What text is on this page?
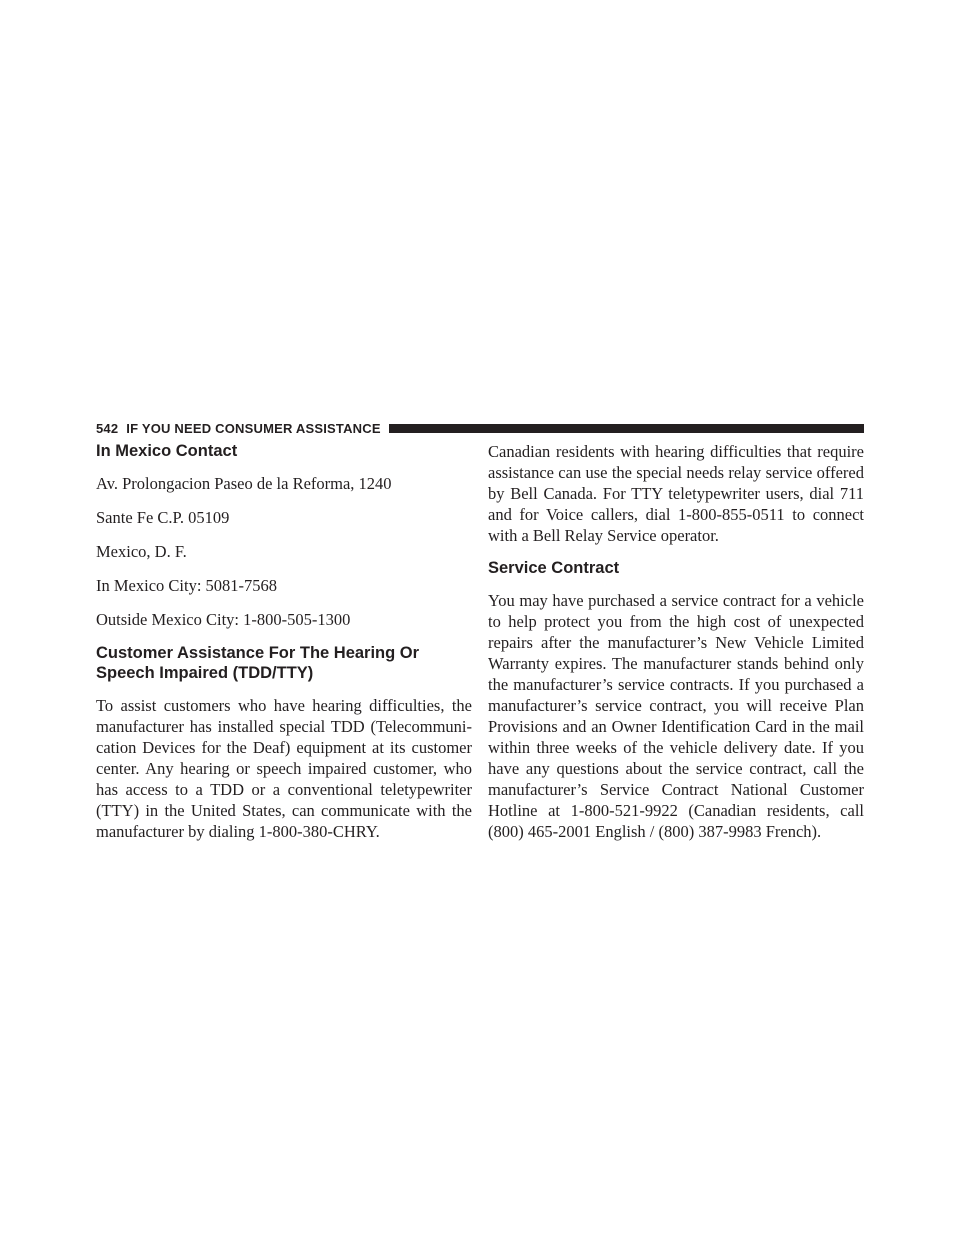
542 IF YOU NEED CONSUMER ASSISTANCE
In Mexico Contact

Av. Prolongacion Paseo de la Reforma, 1240

Sante Fe C.P. 05109

Mexico, D. F.

In Mexico City: 5081-7568

Outside Mexico City: 1-800-505-1300

Customer Assistance For The Hearing Or Speech Impaired (TDD/TTY)

To assist customers who have hearing difficulties, the manufacturer has installed special TDD (Telecommuni-cation Devices for the Deaf) equipment at its customer center. Any hearing or speech impaired customer, who has access to a TDD or a conventional teletypewriter (TTY) in the United States, can communicate with the manufacturer by dialing 1-800-380-CHRY.

Canadian residents with hearing difficulties that require assistance can use the special needs relay service offered by Bell Canada. For TTY teletypewriter users, dial 711 and for Voice callers, dial 1-800-855-0511 to connect with a Bell Relay Service operator.

Service Contract

You may have purchased a service contract for a vehicle to help protect you from the high cost of unexpected repairs after the manufacturer’s New Vehicle Limited Warranty expires. The manufacturer stands behind only the manufacturer’s service contracts. If you purchased a manufacturer’s service contract, you will receive Plan Provisions and an Owner Identification Card in the mail within three weeks of the vehicle delivery date. If you have any questions about the service contract, call the manufacturer’s Service Contract National Customer Hotline at 1-800-521-9922 (Canadian residents, call (800) 465-2001 English / (800) 387-9983 French).
